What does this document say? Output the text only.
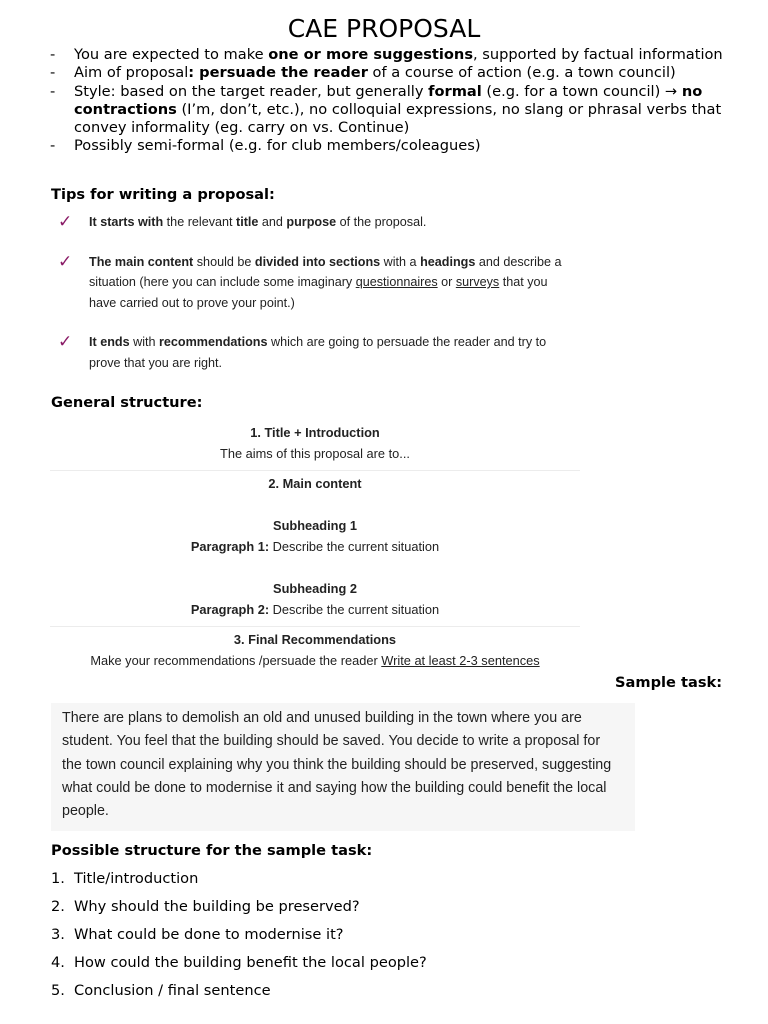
CAE PROPOSAL
-	You are expected to make one or more suggestions, supported by factual information
-	Aim of proposal: persuade the reader of a course of action (e.g. a town council)
-	Style: based on the target reader, but generally formal (e.g. for a town council) → no contractions (I’m, don’t, etc.), no colloquial expressions, no slang or phrasal verbs that convey informality (eg. carry on vs. Continue)
-	Possibly semi-formal (e.g. for club members/coleagues)
Tips for writing a proposal:
✓	It starts with the relevant title and purpose of the proposal.
✓	The main content should be divided into sections with a headings and describe a situation (here you can include some imaginary questionnaires or surveys that you have carried out to prove your point.)
✓	It ends with recommendations which are going to persuade the reader and try to prove that you are right.
General structure:
1. Title + Introduction
The aims of this proposal are to...
2. Main content
Subheading 1
Paragraph 1: Describe the current situation
Subheading 2
Paragraph 2: Describe the current situation
3. Final Recommendations
Make your recommendations /persuade the reader Write at least 2-3 sentences
Sample task:
There are plans to demolish an old and unused building in the town where you are student. You feel that the building should be saved. You decide to write a proposal for the town council explaining why you think the building should be preserved, suggesting what could be done to modernise it and saying how the building could benefit the local people.
Possible structure for the sample task:
1. Title/introduction
2. Why should the building be preserved?
3. What could be done to modernise it?
4. How could the building benefit the local people?
5. Conclusion / final sentence
